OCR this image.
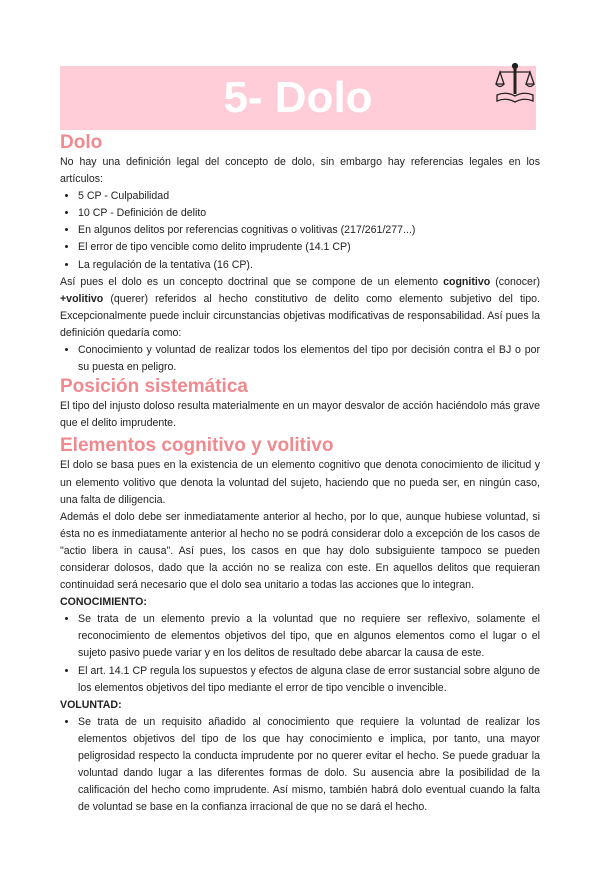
5- Dolo
Dolo

No hay una definición legal del concepto de dolo, sin embargo hay referencias legales en los artículos:

• 5 CP - Culpabilidad
• 10 CP - Definición de delito
• En algunos delitos por referencias cognitivas o volitivas (217/261/277...)
• El error de tipo vencible como delito imprudente (14.1 CP)
• La regulación de la tentativa (16 CP).

Así pues el dolo es un concepto doctrinal que se compone de un elemento cognitivo (conocer) +volitivo (querer) referidos al hecho constitutivo de delito como elemento subjetivo del tipo. Excepcionalmente puede incluir circunstancias objetivas modificativas de responsabilidad. Así pues la definición quedaría como:

• Conocimiento y voluntad de realizar todos los elementos del tipo por decisión contra el BJ o por su puesta en peligro.
Posición sistemática

El tipo del injusto doloso resulta materialmente en un mayor desvalor de acción haciéndolo más grave que el delito imprudente.

Elementos cognitivo y volitivo

El dolo se basa pues en la existencia de un elemento cognitivo que denota conocimiento de ilicitud y un elemento volitivo que denota la voluntad del sujeto, haciendo que no pueda ser, en ningún caso, una falta de diligencia.

Además el dolo debe ser inmediatamente anterior al hecho, por lo que, aunque hubiese voluntad, si ésta no es inmediatamente anterior al hecho no se podrá considerar dolo a excepción de los casos de "actio libera in causa". Así pues, los casos en que hay dolo subsiguiente tampoco se pueden considerar dolosos, dado que la acción no se realiza con este. En aquellos delitos que requieran continuidad será necesario que el dolo sea unitario a todas las acciones que lo integran.

CONOCIMIENTO:

• Se trata de un elemento previo a la voluntad que no requiere ser reflexivo, solamente el reconocimiento de elementos objetivos del tipo, que en algunos elementos como el lugar o el sujeto pasivo puede variar y en los delitos de resultado debe abarcar la causa de este.
• El art. 14.1 CP regula los supuestos y efectos de alguna clase de error sustancial sobre alguno de los elementos objetivos del tipo mediante el error de tipo vencible o invencible.

VOLUNTAD:

• Se trata de un requisito añadido al conocimiento que requiere la voluntad de realizar los elementos objetivos del tipo de los que hay conocimiento e implica, por tanto, una mayor peligrosidad respecto la conducta imprudente por no querer evitar el hecho. Se puede graduar la voluntad dando lugar a las diferentes formas de dolo. Su ausencia abre la posibilidad de la calificación del hecho como imprudente. Así mismo, también habrá dolo eventual cuando la falta de voluntad se base en la confianza irracional de que no se dará el hecho.
